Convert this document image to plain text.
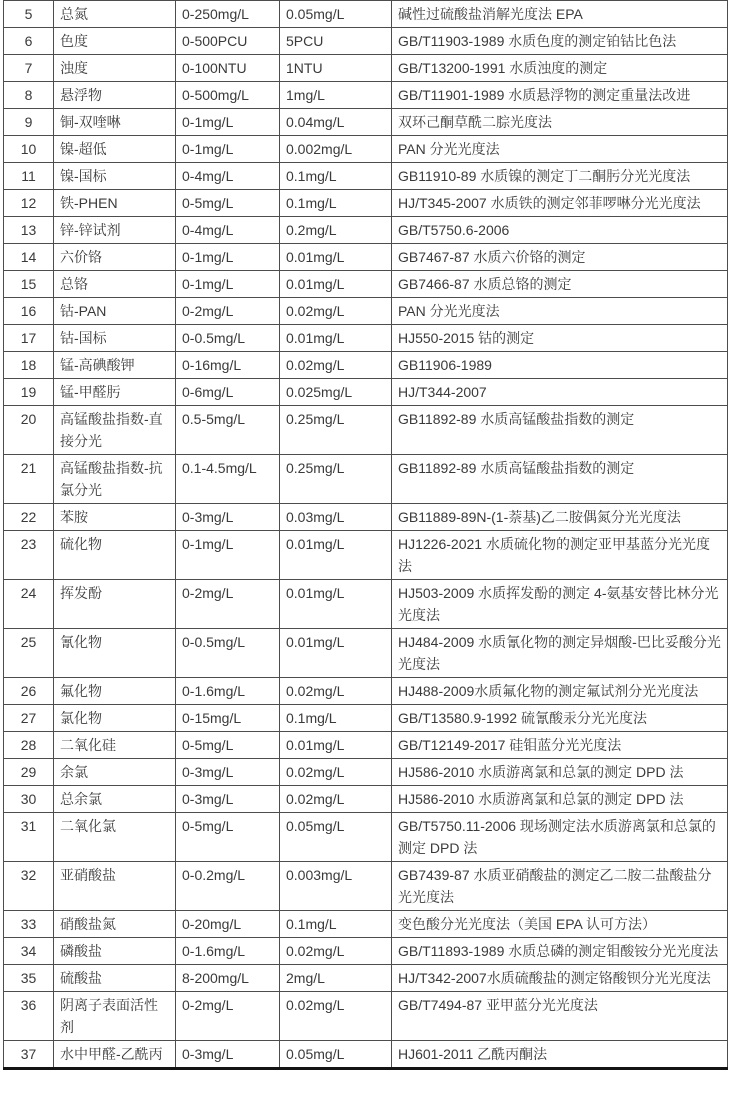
5	总氮	0-250mg/L	0.05mg/L	碱性过硫酸盐消解光度法 EPA
6	色度	0-500PCU	5PCU	GB/T11903-1989 水质色度的测定铂钴比色法
7	浊度	0-100NTU	1NTU	GB/T13200-1991 水质浊度的测定
8	悬浮物	0-500mg/L	1mg/L	GB/T11901-1989 水质悬浮物的测定重量法改进
9	铜-双喹啉	0-1mg/L	0.04mg/L	双环己酮草酰二腙光度法
10	镍-超低	0-1mg/L	0.002mg/L	PAN 分光光度法
11	镍-国标	0-4mg/L	0.1mg/L	GB11910-89 水质镍的测定丁二酮肟分光光度法
12	铁-PHEN	0-5mg/L	0.1mg/L	HJ/T345-2007 水质铁的测定邻菲啰啉分光光度法
13	锌-锌试剂	0-4mg/L	0.2mg/L	GB/T5750.6-2006
14	六价铬	0-1mg/L	0.01mg/L	GB7467-87 水质六价铬的测定
15	总铬	0-1mg/L	0.01mg/L	GB7466-87 水质总铬的测定
16	钴-PAN	0-2mg/L	0.02mg/L	PAN 分光光度法
17	钴-国标	0-0.5mg/L	0.01mg/L	HJ550-2015 钴的测定
18	锰-高碘酸钾	0-16mg/L	0.02mg/L	GB11906-1989
19	锰-甲醛肟	0-6mg/L	0.025mg/L	HJ/T344-2007
20	高锰酸盐指数-直接分光	0.5-5mg/L	0.25mg/L	GB11892-89 水质高锰酸盐指数的测定
21	高锰酸盐指数-抗氯分光	0.1-4.5mg/L	0.25mg/L	GB11892-89 水质高锰酸盐指数的测定
22	苯胺	0-3mg/L	0.03mg/L	GB11889-89N-(1-萘基)乙二胺偶氮分光光度法
23	硫化物	0-1mg/L	0.01mg/L	HJ1226-2021 水质硫化物的测定亚甲基蓝分光光度法
24	挥发酚	0-2mg/L	0.01mg/L	HJ503-2009 水质挥发酚的测定 4-氨基安替比林分光光度法
25	氰化物	0-0.5mg/L	0.01mg/L	HJ484-2009 水质氰化物的测定异烟酸-巴比妥酸分光光度法
26	氟化物	0-1.6mg/L	0.02mg/L	HJ488-2009水质氟化物的测定氟试剂分光光度法
27	氯化物	0-15mg/L	0.1mg/L	GB/T13580.9-1992 硫氰酸汞分光光度法
28	二氧化硅	0-5mg/L	0.01mg/L	GB/T12149-2017 硅钼蓝分光光度法
29	余氯	0-3mg/L	0.02mg/L	HJ586-2010 水质游离氯和总氯的测定 DPD 法
30	总余氯	0-3mg/L	0.02mg/L	HJ586-2010 水质游离氯和总氯的测定 DPD 法
31	二氧化氯	0-5mg/L	0.05mg/L	GB/T5750.11-2006 现场测定法水质游离氯和总氯的测定 DPD 法
32	亚硝酸盐	0-0.2mg/L	0.003mg/L	GB7439-87 水质亚硝酸盐的测定乙二胺二盐酸盐分光光度法
33	硝酸盐氮	0-20mg/L	0.1mg/L	变色酸分光光度法（美国 EPA 认可方法）
34	磷酸盐	0-1.6mg/L	0.02mg/L	GB/T11893-1989 水质总磷的测定钼酸铵分光光度法
35	硫酸盐	8-200mg/L	2mg/L	HJ/T342-2007水质硫酸盐的测定铬酸钡分光光度法
36	阴离子表面活性剂	0-2mg/L	0.02mg/L	GB/T7494-87 亚甲蓝分光光度法
37	水中甲醛-乙酰丙	0-3mg/L	0.05mg/L	HJ601-2011 乙酰丙酮法
